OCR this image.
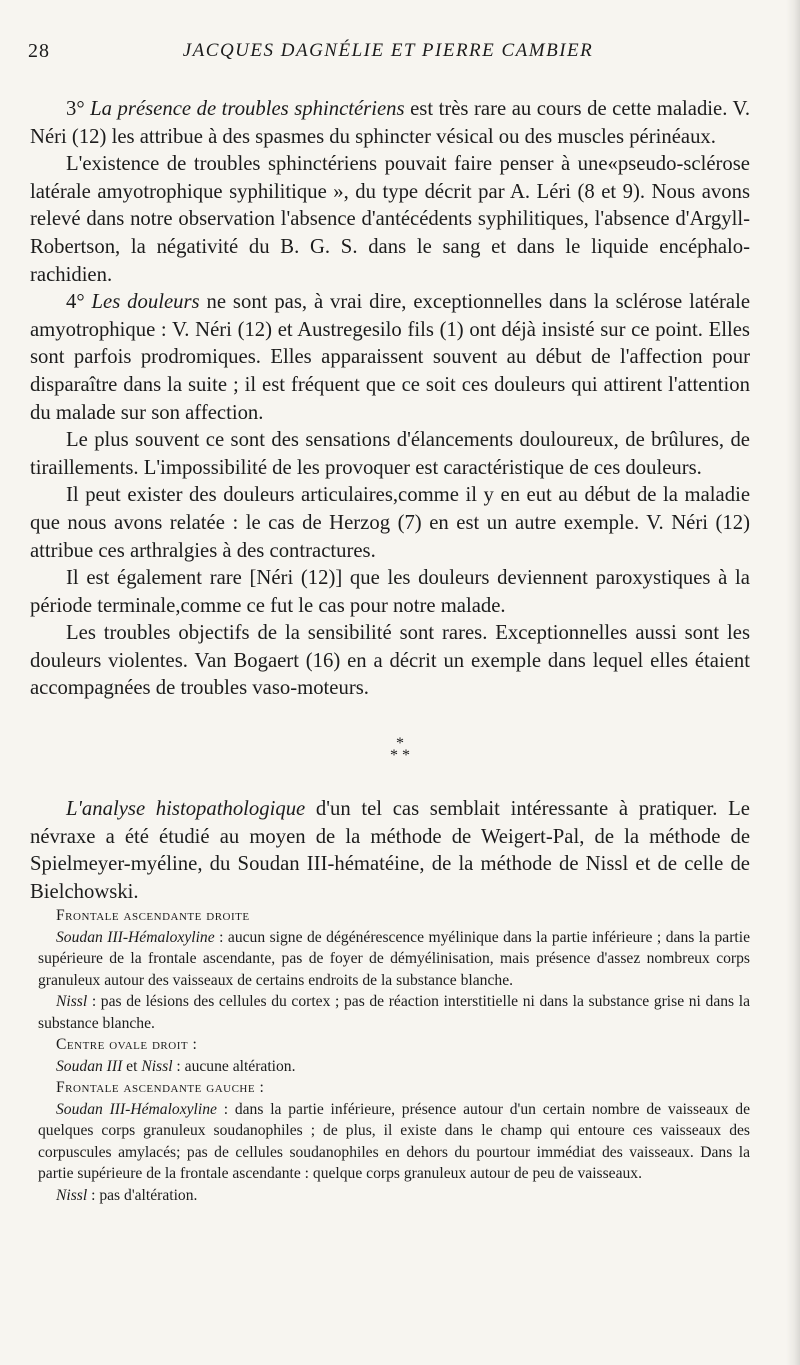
28	JACQUES DAGNÉLIE ET PIERRE CAMBIER

3° La présence de troubles sphinctériens est très rare au cours de cette maladie. V. Néri (12) les attribue à des spasmes du sphincter vésical ou des muscles périnéaux.

L'existence de troubles sphinctériens pouvait faire penser à une«pseudo-sclérose latérale amyotrophique syphilitique », du type décrit par A. Léri (8 et 9). Nous avons relevé dans notre observation l'absence d'antécédents syphilitiques, l'absence d'Argyll-Robertson, la négativité du B. G. S. dans le sang et dans le liquide encéphalo-rachidien.

4° Les douleurs ne sont pas, à vrai dire, exceptionnelles dans la sclérose latérale amyotrophique : V. Néri (12) et Austregesilo fils (1) ont déjà insisté sur ce point. Elles sont parfois prodromiques. Elles apparaissent souvent au début de l'affection pour disparaître dans la suite ; il est fréquent que ce soit ces douleurs qui attirent l'attention du malade sur son affection.

Le plus souvent ce sont des sensations d'élancements douloureux, de brûlures, de tiraillements. L'impossibilité de les provoquer est caractéristique de ces douleurs.

Il peut exister des douleurs articulaires,comme il y en eut au début de la maladie que nous avons relatée : le cas de Herzog (7) en est un autre exemple. V. Néri (12) attribue ces arthralgies à des contractures.

Il est également rare [Néri (12)] que les douleurs deviennent paroxystiques à la période terminale,comme ce fut le cas pour notre malade.

Les troubles objectifs de la sensibilité sont rares. Exceptionnelles aussi sont les douleurs violentes. Van Bogaert (16) en a décrit un exemple dans lequel elles étaient accompagnées de troubles vaso-moteurs.

*
* *

L'analyse histopathologique d'un tel cas semblait intéressante à pratiquer. Le névraxe a été étudié au moyen de la méthode de Weigert-Pal, de la méthode de Spielmeyer-myéline, du Soudan III-hématéine, de la méthode de Nissl et de celle de Bielchowski.

Frontale ascendante droite

Soudan III-Hémaloxуline : aucun signe de dégénérescence myélinique dans la partie inférieure ; dans la partie supérieure de la frontale ascendante, pas de foyer de démyélinisation, mais présence d'assez nombreux corps granuleux autour des vaisseaux de certains endroits de la substance blanche.

Nissl : pas de lésions des cellules du cortex ; pas de réaction interstitielle ni dans la substance grise ni dans la substance blanche.

Centre ovale droit :

Soudan III et Nissl : aucune altération.

Frontale ascendante gauche :

Soudan III-Hémaloxyline : dans la partie inférieure, présence autour d'un certain nombre de vaisseaux de quelques corps granuleux soudanophiles ; de plus, il existe dans le champ qui entoure ces vaisseaux des corpuscules amylacés; pas de cellules soudanophiles en dehors du pourtour immédiat des vaisseaux. Dans la partie supérieure de la frontale ascendante : quelque corps granuleux autour de peu de vaisseaux.

Nissl : pas d'altération.
